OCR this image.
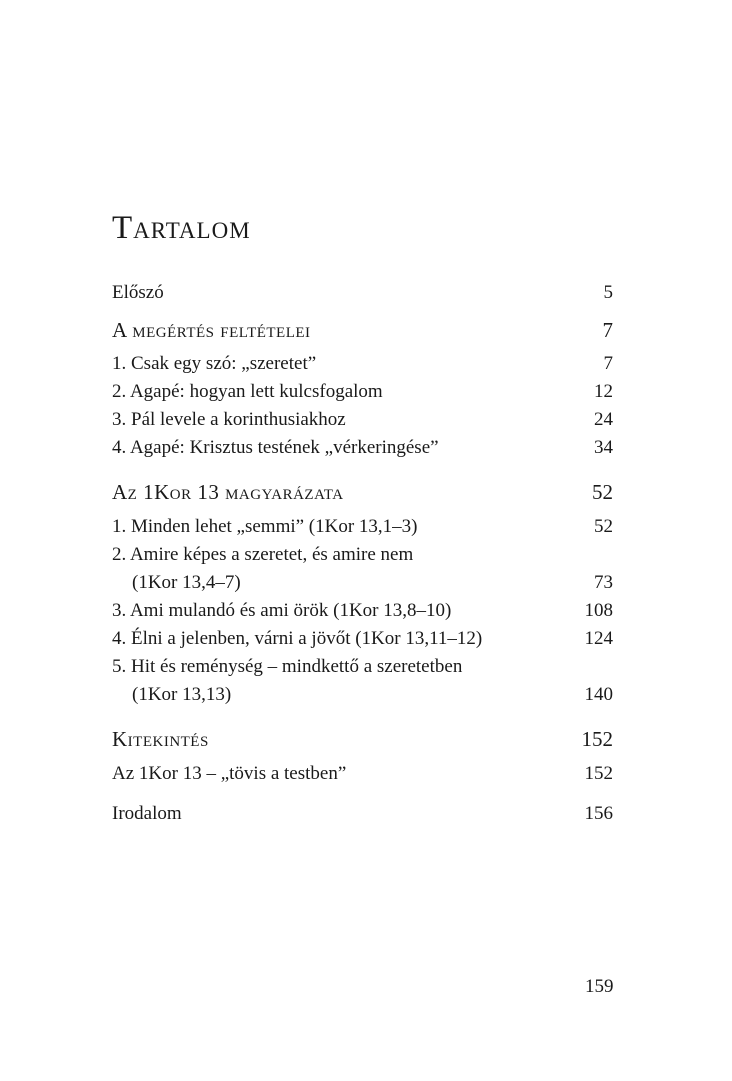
Tartalom
Előszó	5
A megértés feltételei	7
1. Csak egy szó: „szeretet”	7
2. Agapé: hogyan lett kulcsfogalom	12
3. Pál levele a korinthusiakhoz	24
4. Agapé: Krisztus testének „vérkeringése”	34
Az 1Kor 13 magyarázata	52
1. Minden lehet „semmi” (1Kor 13,1–3)	52
2. Amire képes a szeretet, és amire nem
(1Kor 13,4–7)	73
3. Ami mulandó és ami örök (1Kor 13,8–10)	108
4. Élni a jelenben, várni a jövőt (1Kor 13,11–12)	124
5. Hit és reménység – mindkettő a szeretetben
(1Kor 13,13)	140
Kitekintés	152
Az 1Kor 13 – „tövis a testben”	152
Irodalom	156
159
